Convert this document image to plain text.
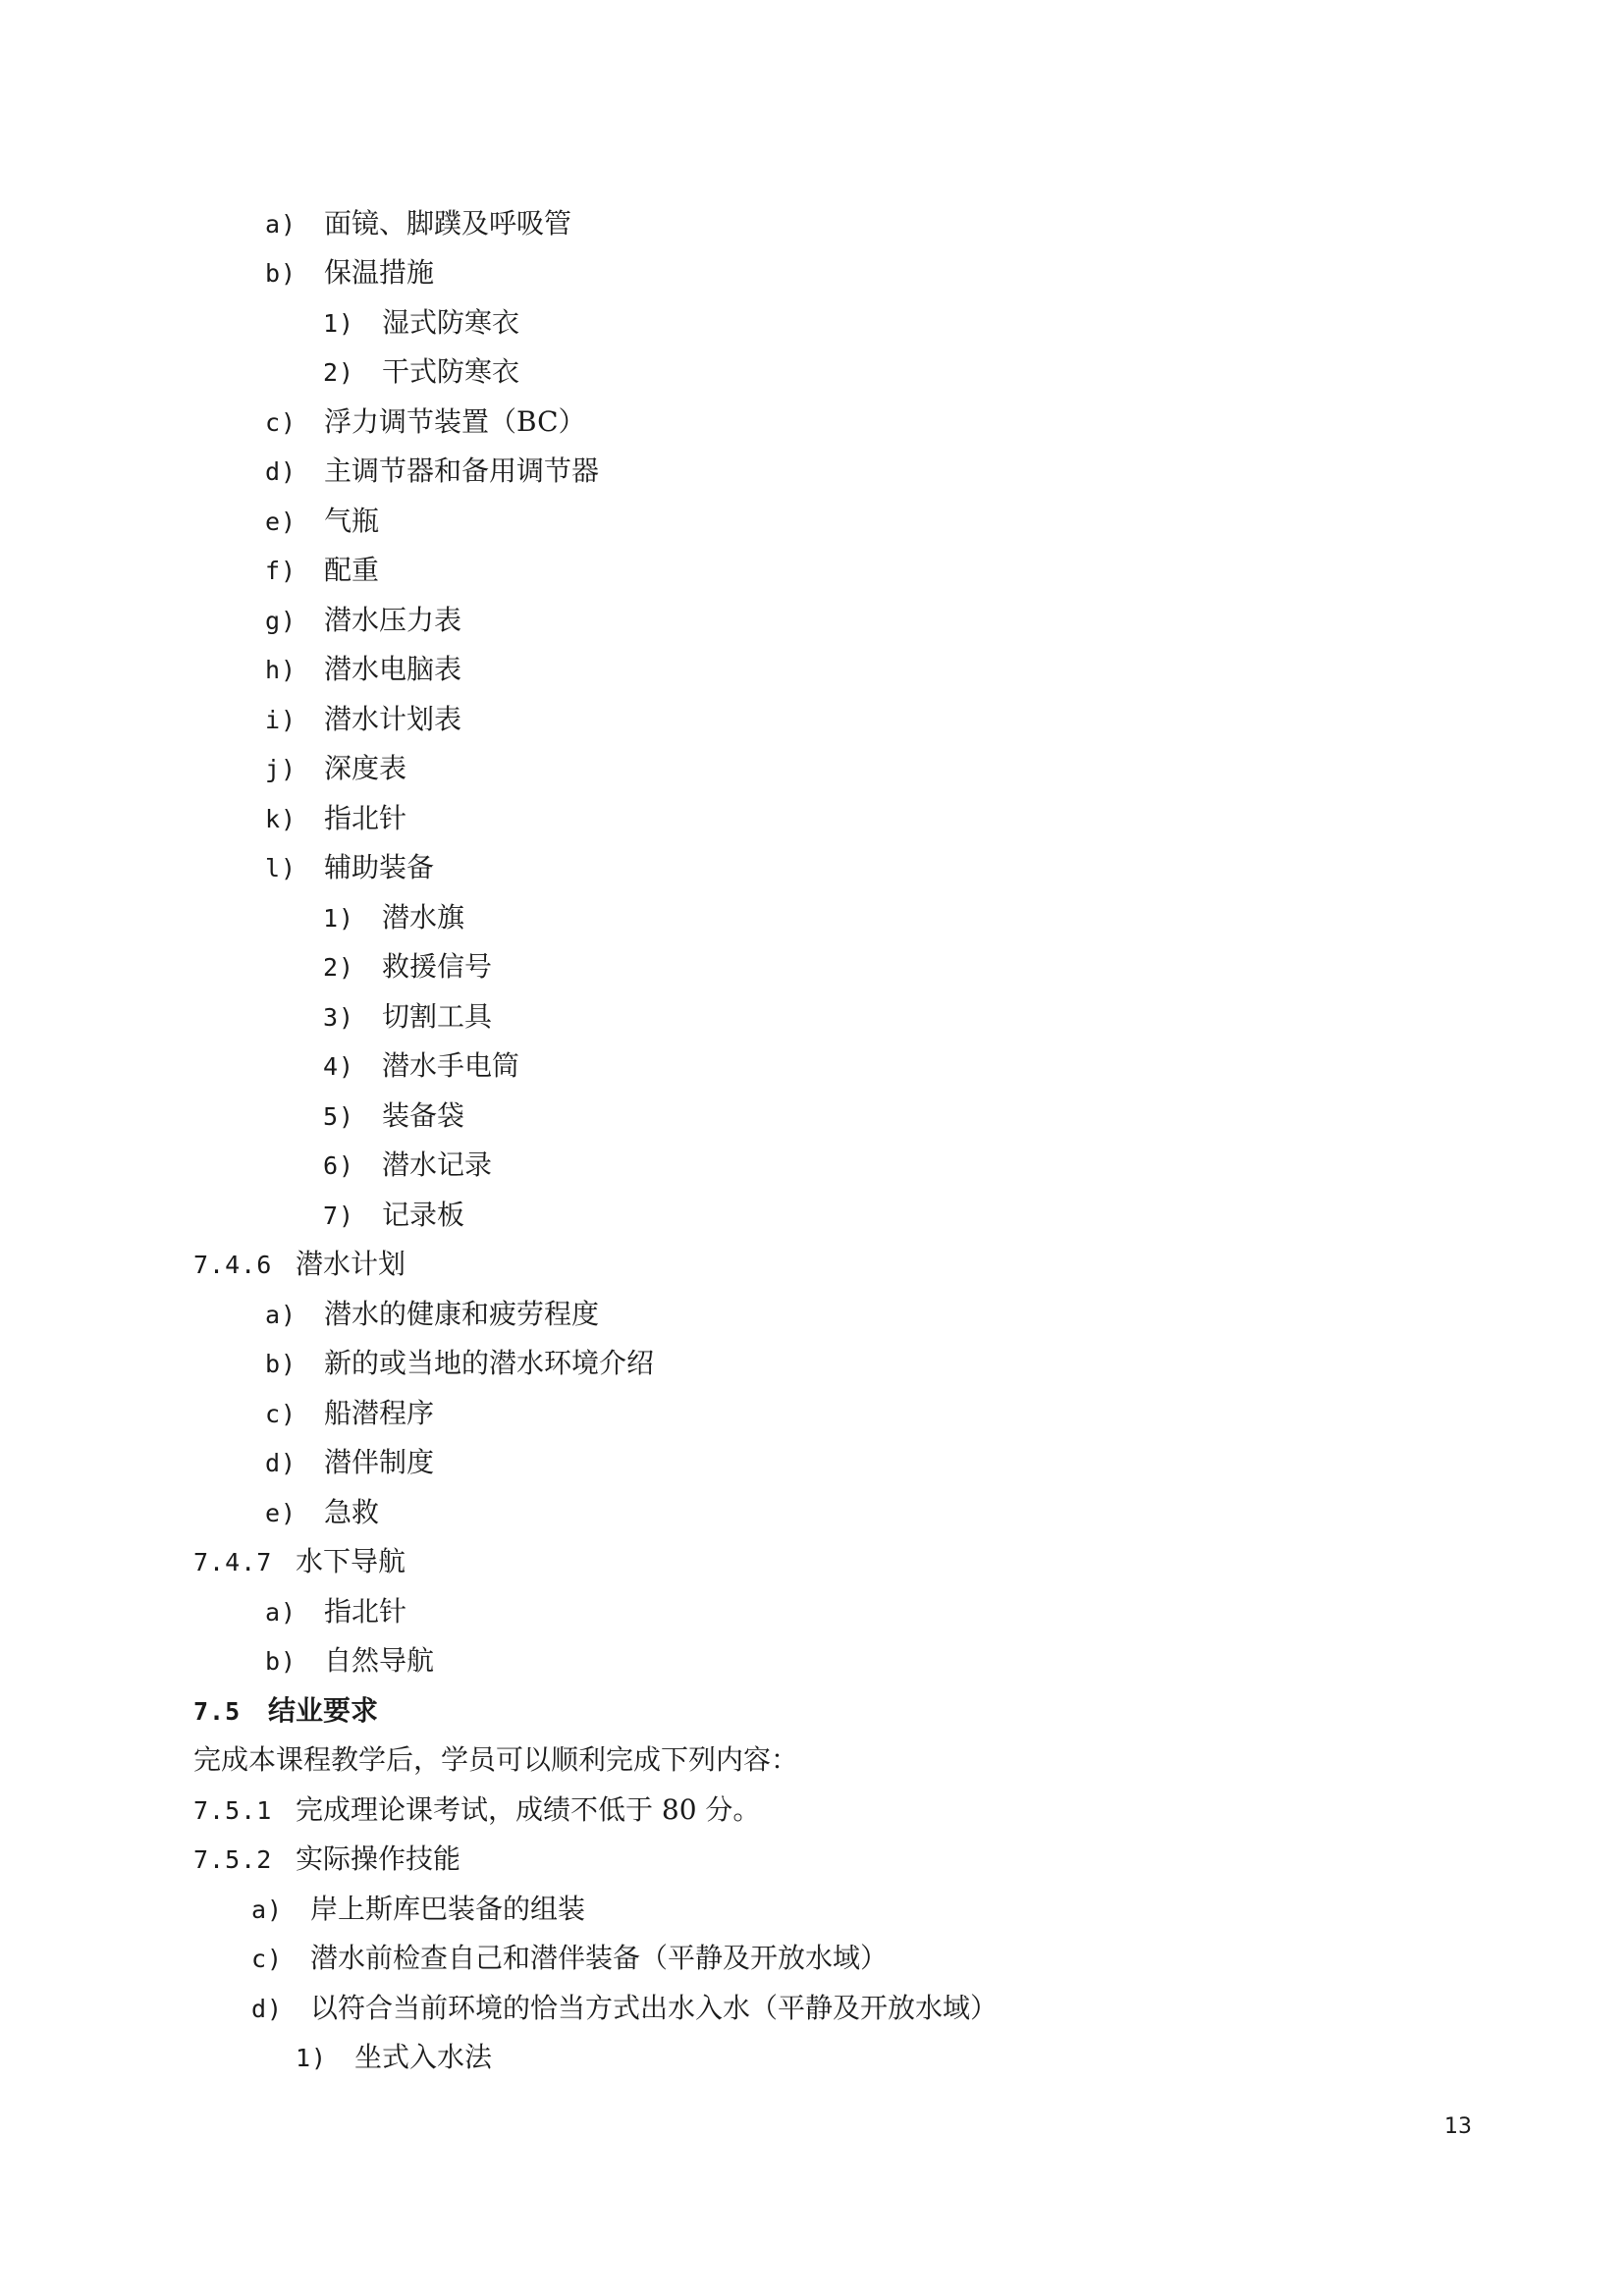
a) 面镜、脚蹼及呼吸管
b) 保温措施
1) 湿式防寒衣
2) 干式防寒衣
c) 浮力调节装置（BC）
d) 主调节器和备用调节器
e) 气瓶
f) 配重
g) 潜水压力表
h) 潜水电脑表
i) 潜水计划表
j) 深度表
k) 指北针
l) 辅助装备
1) 潜水旗
2) 救援信号
3) 切割工具
4) 潜水手电筒
5) 装备袋
6) 潜水记录
7) 记录板
7.4.6 潜水计划
a) 潜水的健康和疲劳程度
b) 新的或当地的潜水环境介绍
c) 船潜程序
d) 潜伴制度
e) 急救
7.4.7 水下导航
a) 指北针
b) 自然导航
7.5 结业要求
完成本课程教学后，学员可以顺利完成下列内容：
7.5.1 完成理论课考试，成绩不低于 80 分。
7.5.2 实际操作技能
a) 岸上斯库巴装备的组装
c) 潜水前检查自己和潜伴装备（平静及开放水域）
d) 以符合当前环境的恰当方式出水入水（平静及开放水域）
1) 坐式入水法
13
